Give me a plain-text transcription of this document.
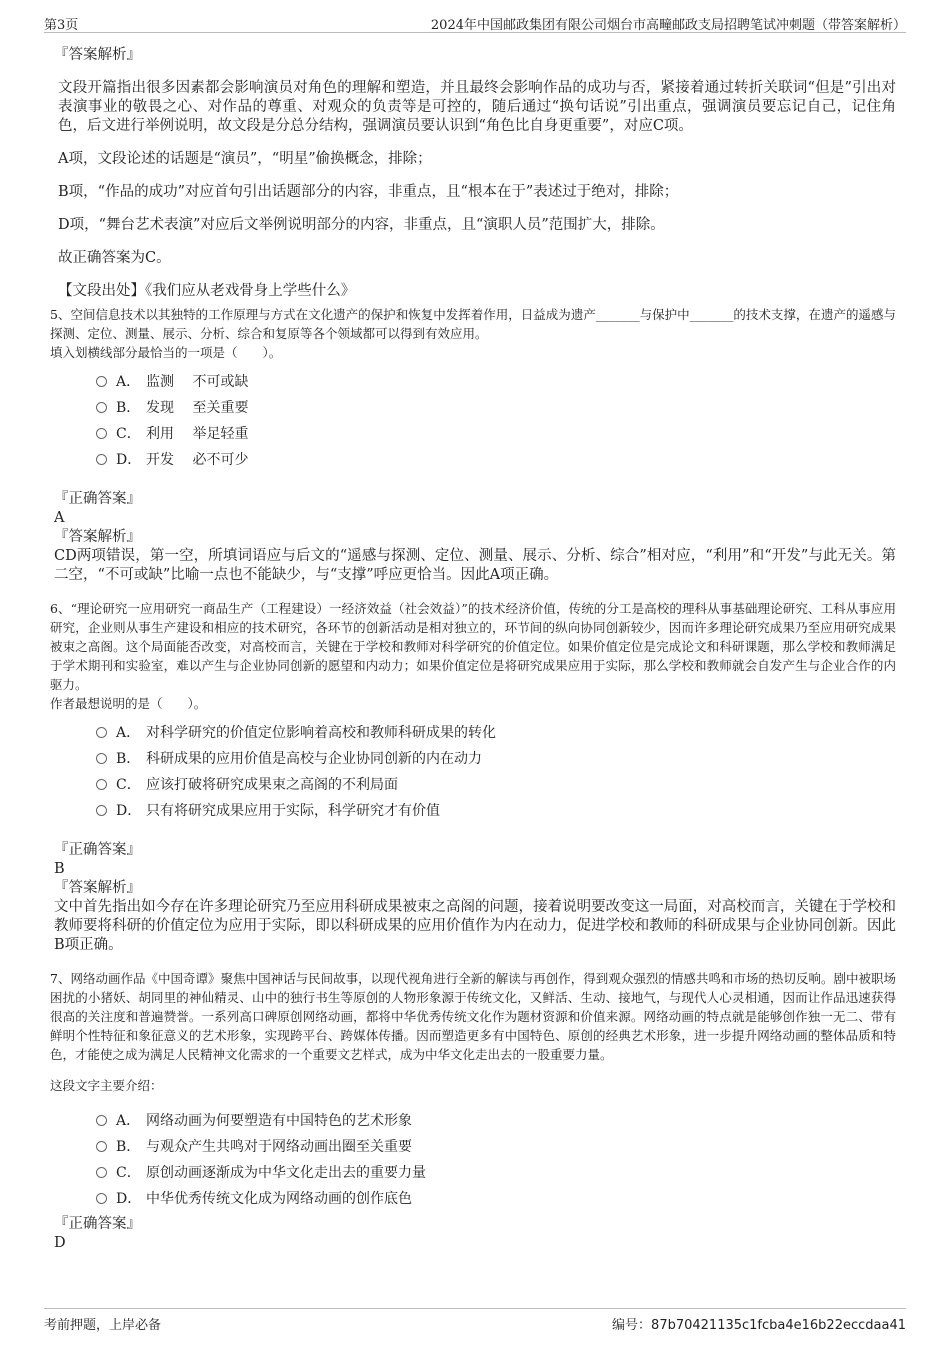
第3页	2024年中国邮政集团有限公司烟台市高疃邮政支局招聘笔试冲刺题（带答案解析）

『答案解析』

文段开篇指出很多因素都会影响演员对角色的理解和塑造，并且最终会影响作品的成功与否，紧接着通过转折关联词“但是”引出对表演事业的敬畏之心、对作品的尊重、对观众的负责等是可控的，随后通过“换句话说”引出重点，强调演员要忘记自己，记住角色，后文进行举例说明，故文段是分总分结构，强调演员要认识到“角色比自身更重要”，对应C项。

A项，文段论述的话题是“演员”，“明星”偷换概念，排除；

B项，“作品的成功”对应首句引出话题部分的内容，非重点，且“根本在于”表述过于绝对，排除；

D项，“舞台艺术表演”对应后文举例说明部分的内容，非重点，且“演职人员”范围扩大，排除。

故正确答案为C。

【文段出处】《我们应从老戏骨身上学些什么》

5、空间信息技术以其独特的工作原理与方式在文化遗产的保护和恢复中发挥着作用，日益成为遗产_______与保护中_______的技术支撑，在遗产的遥感与探测、定位、测量、展示、分析、综合和复原等各个领域都可以得到有效应用。

填入划横线部分最恰当的一项是（　　）。

A． 监测　 不可或缺
B． 发现　 至关重要
C． 利用　 举足轻重
D． 开发　 必不可少

『正确答案』

A

『答案解析』

CD两项错误，第一空，所填词语应与后文的“遥感与探测、定位、测量、展示、分析、综合”相对应，“利用”和“开发”与此无关。第二空，“不可或缺”比喻一点也不能缺少，与“支撑”呼应更恰当。因此A项正确。

6、“理论研究一应用研究一商品生产（工程建设）一经济效益（社会效益）”的技术经济价值，传统的分工是高校的理科从事基础理论研究、工科从事应用研究，企业则从事生产建设和相应的技术研究，各环节的创新活动是相对独立的，环节间的纵向协同创新较少，因而许多理论研究成果乃至应用研究成果被束之高阁。这个局面能否改变，对高校而言，关键在于学校和教师对科学研究的价值定位。如果价值定位是完成论文和科研课题，那么学校和教师满足于学术期刊和实验室，难以产生与企业协同创新的愿望和内动力；如果价值定位是将研究成果应用于实际，那么学校和教师就会自发产生与企业合作的内驱力。

作者最想说明的是（　　）。

A． 对科学研究的价值定位影响着高校和教师科研成果的转化
B． 科研成果的应用价值是高校与企业协同创新的内在动力
C． 应该打破将研究成果束之高阁的不利局面
D． 只有将研究成果应用于实际，科学研究才有价值

『正确答案』

B

『答案解析』

文中首先指出如今存在许多理论研究乃至应用科研成果被束之高阁的问题，接着说明要改变这一局面，对高校而言，关键在于学校和教师要将科研的价值定位为应用于实际，即以科研成果的应用价值作为内在动力，促进学校和教师的科研成果与企业协同创新。因此B项正确。

7、网络动画作品《中国奇谭》聚焦中国神话与民间故事，以现代视角进行全新的解读与再创作，得到观众强烈的情感共鸣和市场的热切反响。剧中被职场困扰的小猪妖、胡同里的神仙精灵、山中的独行书生等原创的人物形象源于传统文化，又鲜活、生动、接地气，与现代人心灵相通，因而让作品迅速获得很高的关注度和普遍赞誉。一系列高口碑原创网络动画，都将中华优秀传统文化作为题材资源和价值来源。网络动画的特点就是能够创作独一无二、带有鲜明个性特征和象征意义的艺术形象，实现跨平台、跨媒体传播。因而塑造更多有中国特色、原创的经典艺术形象，进一步提升网络动画的整体品质和特色，才能使之成为满足人民精神文化需求的一个重要文艺样式，成为中华文化走出去的一股重要力量。

这段文字主要介绍：

A． 网络动画为何要塑造有中国特色的艺术形象
B． 与观众产生共鸣对于网络动画出圈至关重要
C． 原创动画逐渐成为中华文化走出去的重要力量
D． 中华优秀传统文化成为网络动画的创作底色

『正确答案』

D

考前押题，上岸必备	编号：87b70421135c1fcba4e16b22eccdaa41
